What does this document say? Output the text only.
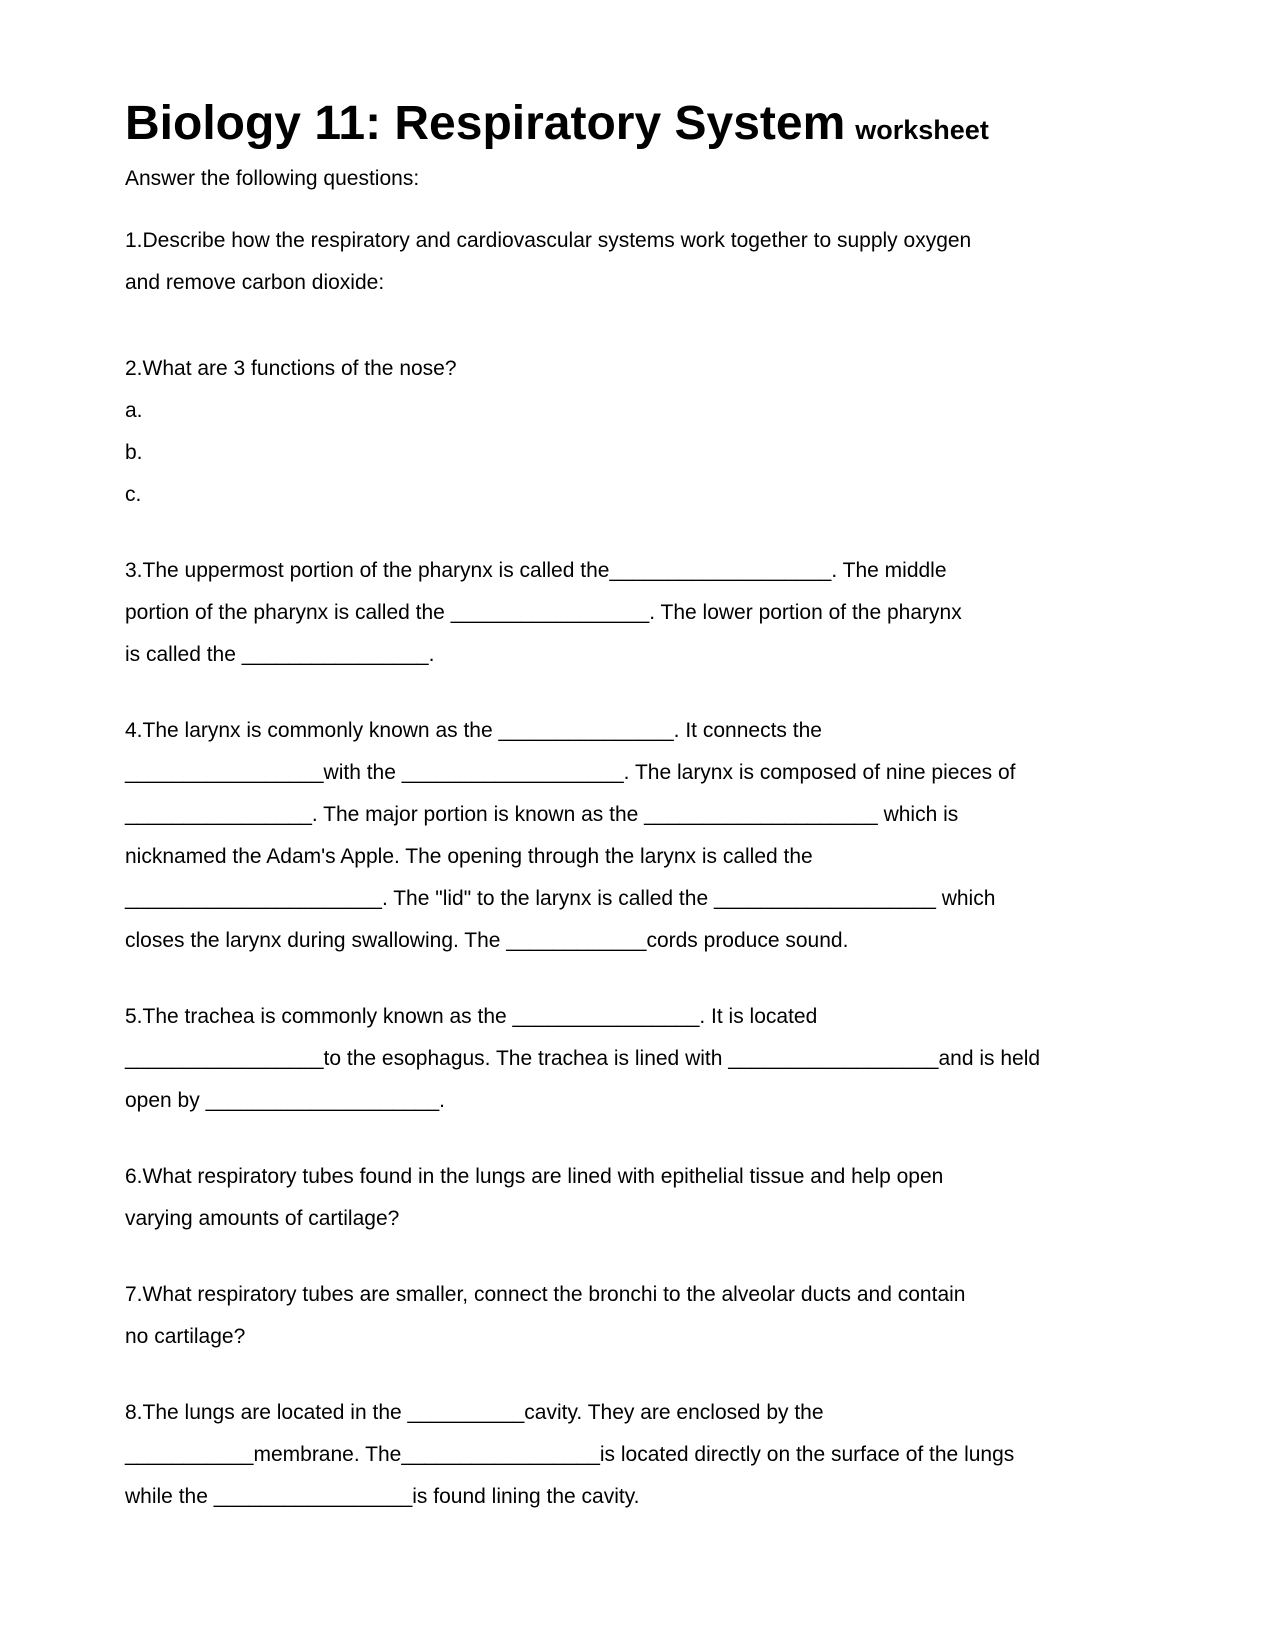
Biology 11: Respiratory System worksheet

Answer the following questions:

1.Describe how the respiratory and cardiovascular systems work together to supply oxygen
and remove carbon dioxide:
2.What are 3 functions of the nose?
a.
b.
c.
3.The uppermost portion of the pharynx is called the___________________. The middle
portion of the pharynx is called the _________________. The lower portion of the pharynx
is called the ________________.
4.The larynx is commonly known as the _______________. It connects the
_________________with the ___________________. The larynx is composed of nine pieces of
________________. The major portion is known as the ____________________ which is
nicknamed the Adam's Apple. The opening through the larynx is called the
______________________. The "lid" to the larynx is called the ___________________ which
closes the larynx during swallowing. The ____________cords produce sound.
5.The trachea is commonly known as the ________________. It is located
_________________to the esophagus. The trachea is lined with __________________and is held
open by ____________________.
6.What respiratory tubes found in the lungs are lined with epithelial tissue and help open
varying amounts of cartilage?
7.What respiratory tubes are smaller, connect the bronchi to the alveolar ducts and contain
no cartilage?
8.The lungs are located in the __________cavity. They are enclosed by the
___________membrane. The_________________is located directly on the surface of the lungs
while the _________________is found lining the cavity.
